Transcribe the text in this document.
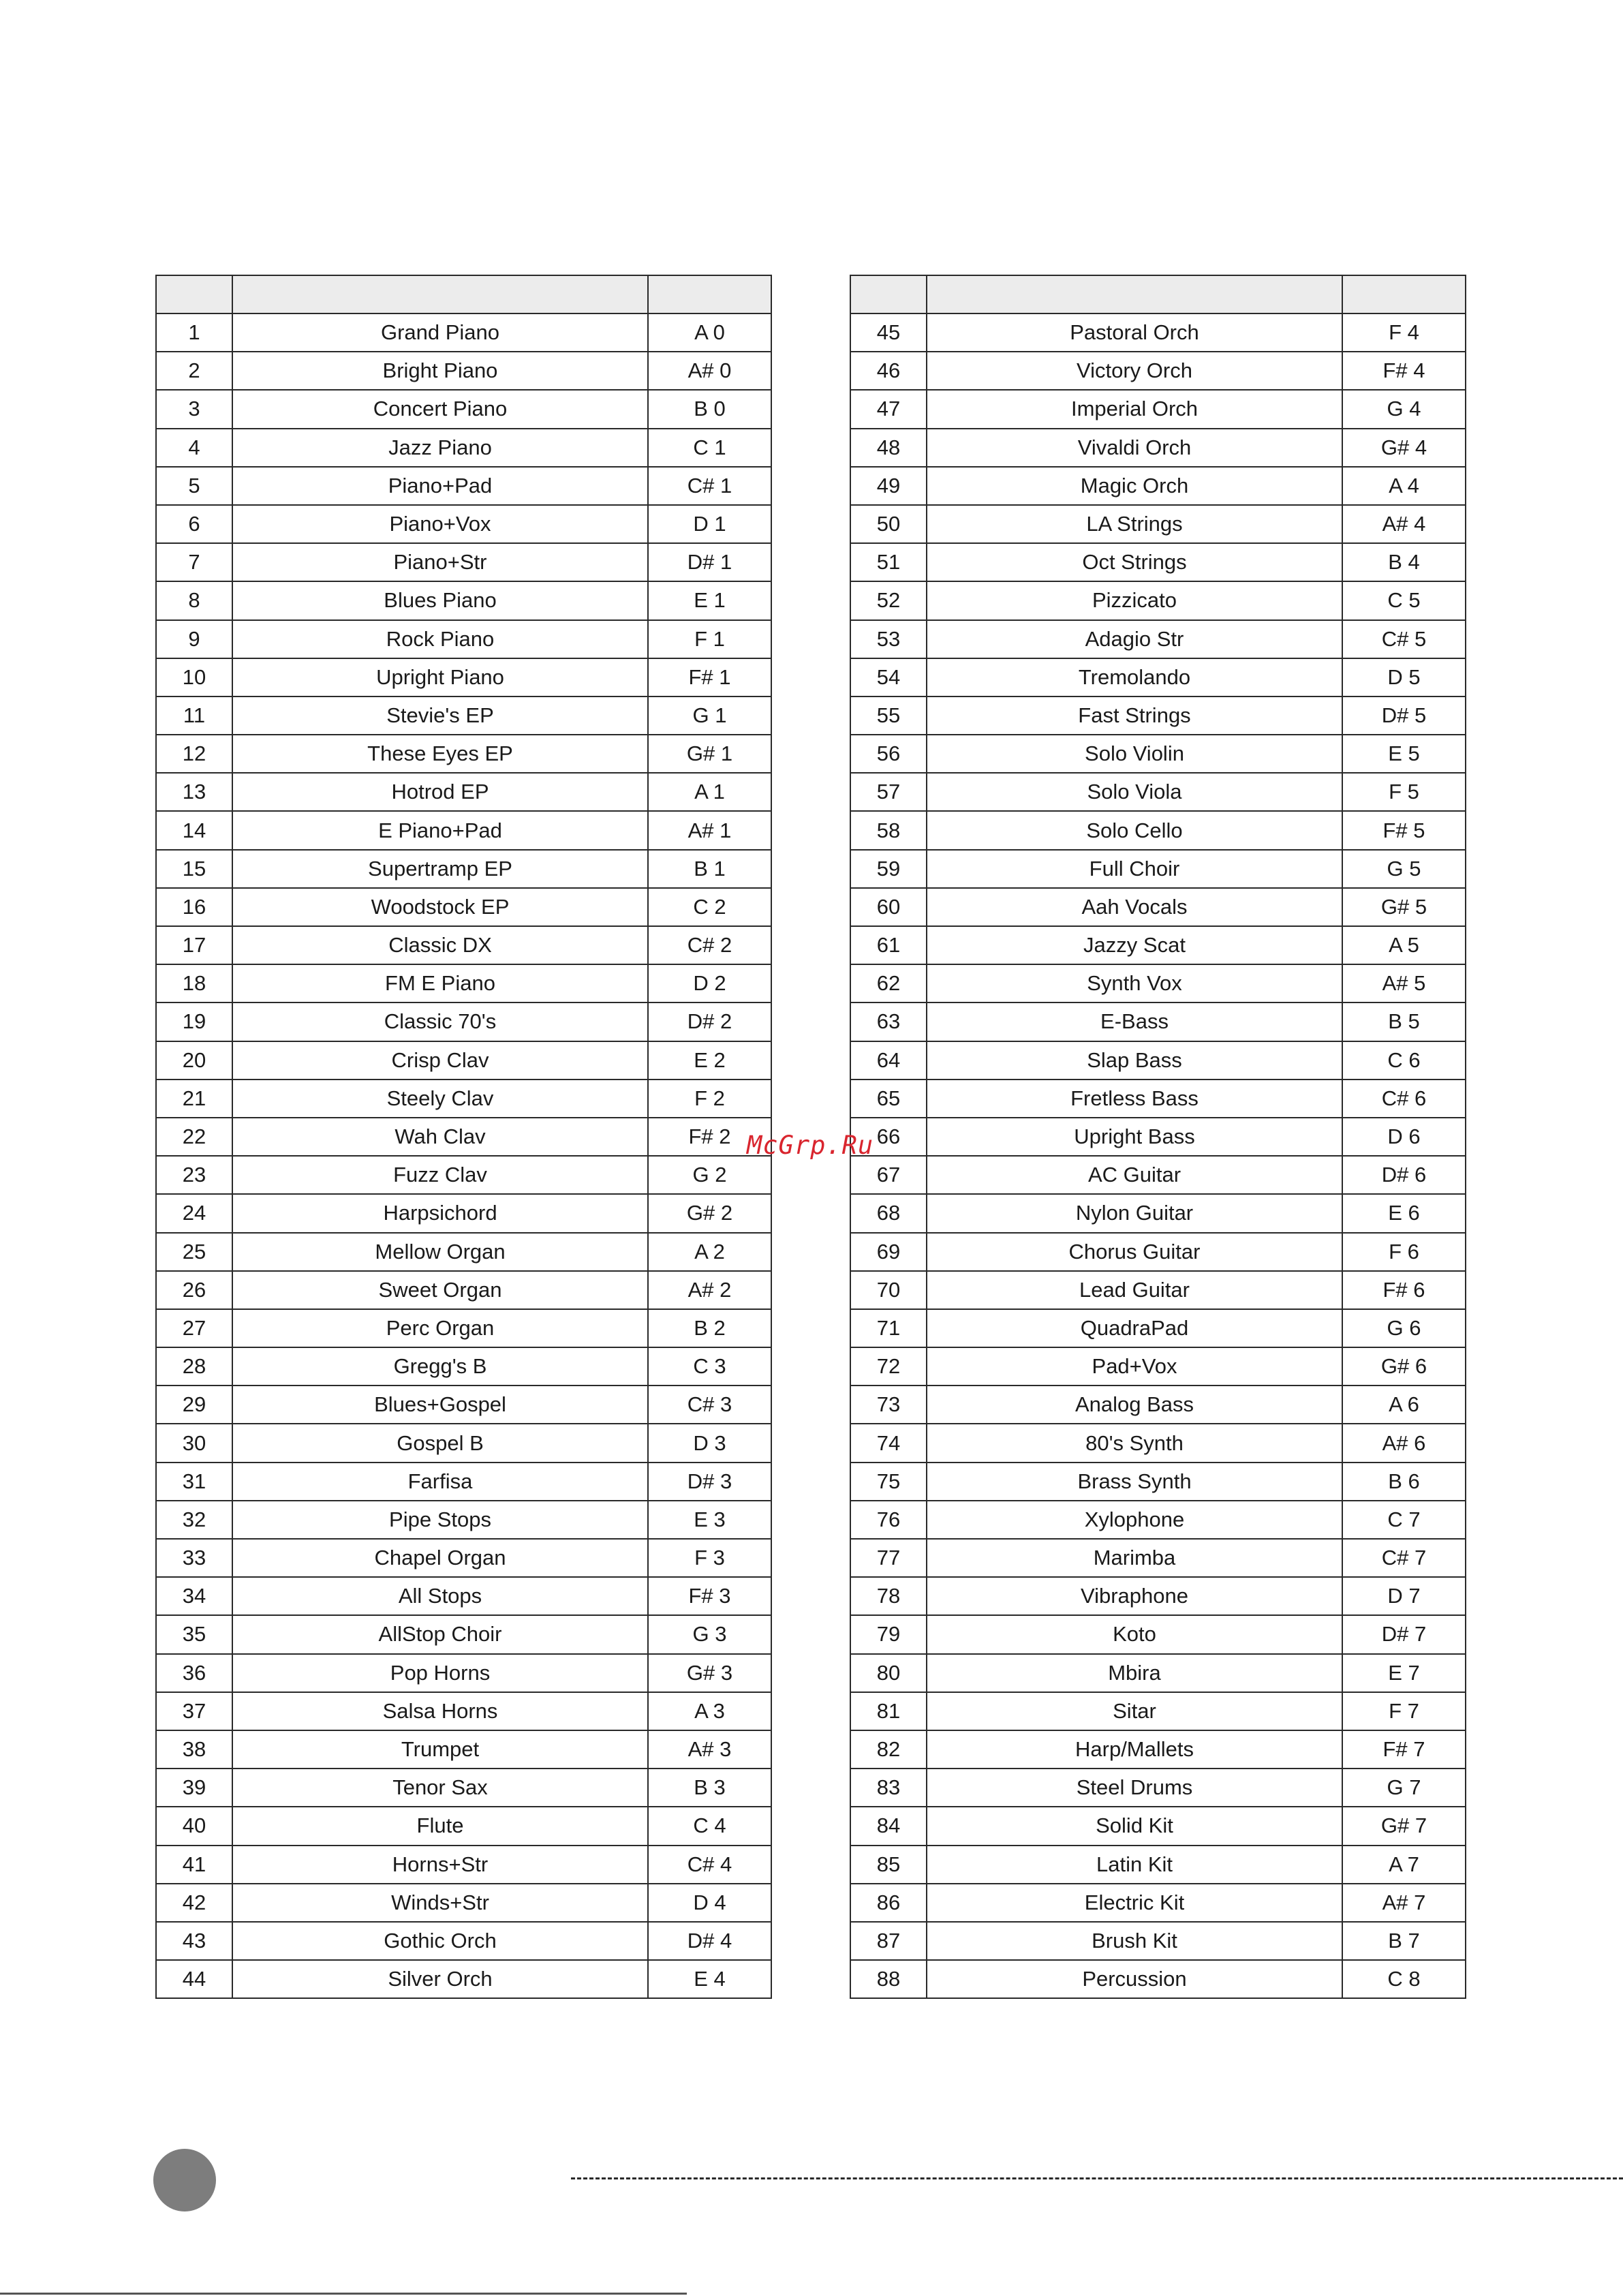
1	Grand Piano	A 0
2	Bright Piano	A# 0
3	Concert Piano	B 0
4	Jazz Piano	C 1
5	Piano+Pad	C# 1
6	Piano+Vox	D 1
7	Piano+Str	D# 1
8	Blues Piano	E 1
9	Rock Piano	F 1
10	Upright Piano	F# 1
11	Stevie's EP	G 1
12	These Eyes EP	G# 1
13	Hotrod EP	A 1
14	E Piano+Pad	A# 1
15	Supertramp EP	B 1
16	Woodstock EP	C 2
17	Classic DX	C# 2
18	FM E Piano	D 2
19	Classic 70's	D# 2
20	Crisp Clav	E 2
21	Steely Clav	F 2
22	Wah Clav	F# 2
23	Fuzz Clav	G 2
24	Harpsichord	G# 2
25	Mellow Organ	A 2
26	Sweet Organ	A# 2
27	Perc Organ	B 2
28	Gregg's B	C 3
29	Blues+Gospel	C# 3
30	Gospel B	D 3
31	Farfisa	D# 3
32	Pipe Stops	E 3
33	Chapel Organ	F 3
34	All Stops	F# 3
35	AllStop Choir	G 3
36	Pop Horns	G# 3
37	Salsa Horns	A 3
38	Trumpet	A# 3
39	Tenor Sax	B 3
40	Flute	C 4
41	Horns+Str	C# 4
42	Winds+Str	D 4
43	Gothic Orch	D# 4
44	Silver Orch	E 4

45	Pastoral Orch	F 4
46	Victory Orch	F# 4
47	Imperial Orch	G 4
48	Vivaldi Orch	G# 4
49	Magic Orch	A 4
50	LA Strings	A# 4
51	Oct Strings	B 4
52	Pizzicato	C 5
53	Adagio Str	C# 5
54	Tremolando	D 5
55	Fast Strings	D# 5
56	Solo Violin	E 5
57	Solo Viola	F 5
58	Solo Cello	F# 5
59	Full Choir	G 5
60	Aah Vocals	G# 5
61	Jazzy Scat	A 5
62	Synth Vox	A# 5
63	E-Bass	B 5
64	Slap Bass	C 6
65	Fretless Bass	C# 6
66	Upright Bass	D 6
67	AC Guitar	D# 6
68	Nylon Guitar	E 6
69	Chorus Guitar	F 6
70	Lead Guitar	F# 6
71	QuadraPad	G 6
72	Pad+Vox	G# 6
73	Analog Bass	A 6
74	80's Synth	A# 6
75	Brass Synth	B 6
76	Xylophone	C 7
77	Marimba	C# 7
78	Vibraphone	D 7
79	Koto	D# 7
80	Mbira	E 7
81	Sitar	F 7
82	Harp/Mallets	F# 7
83	Steel Drums	G 7
84	Solid Kit	G# 7
85	Latin Kit	A 7
86	Electric Kit	A# 7
87	Brush Kit	B 7
88	Percussion	C 8
McGrp.Ru
